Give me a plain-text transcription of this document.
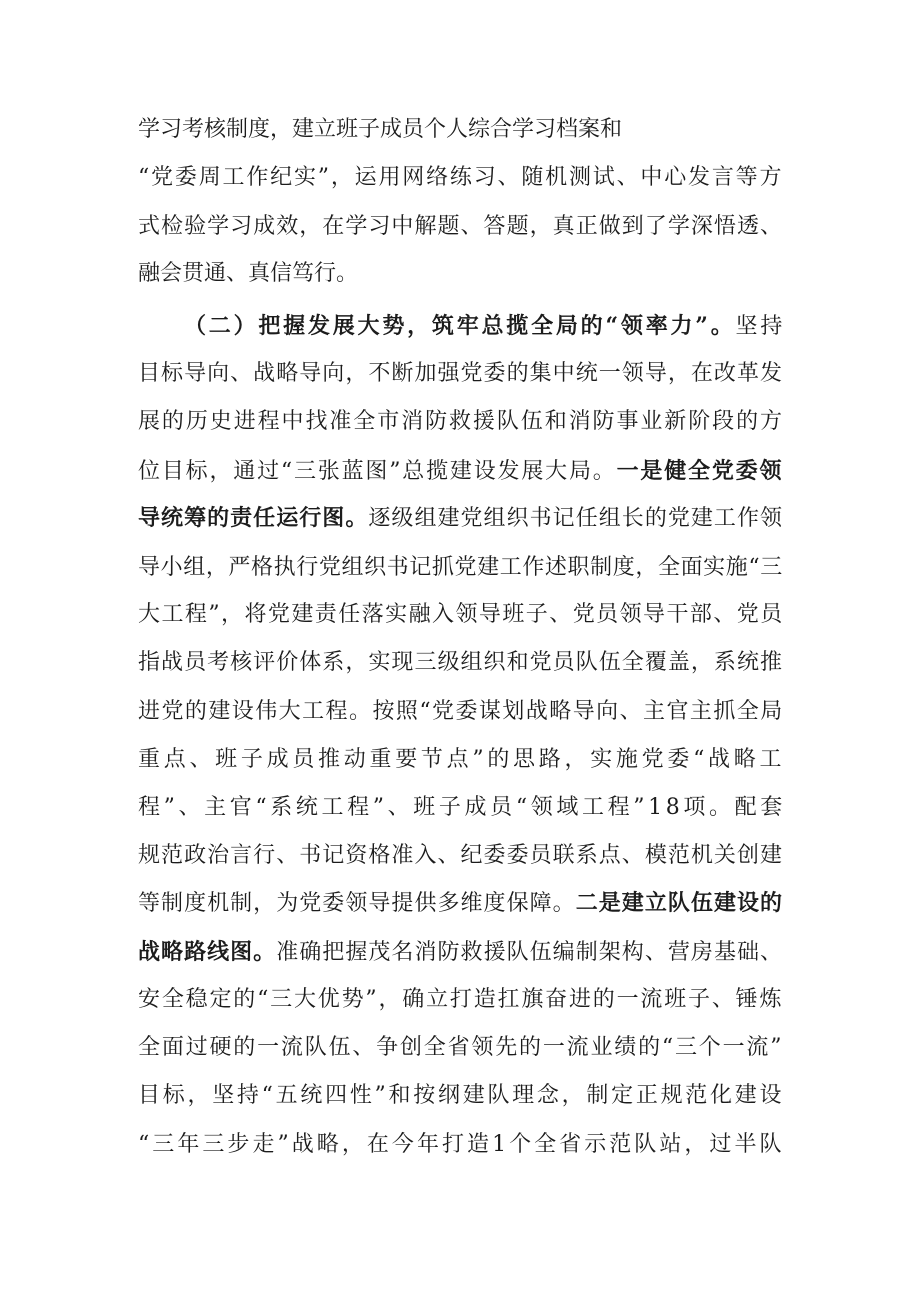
学习考核制度，建立班子成员个人综合学习档案和
“党委周工作纪实”，运用网络练习、随机测试、中心发言等方
式检验学习成效，在学习中解题、答题，真正做到了学深悟透、
融会贯通、真信笃行。
（二）把握发展大势，筑牢总揽全局的“领率力”。坚持
目标导向、战略导向，不断加强党委的集中统一领导，在改革发
展的历史进程中找准全市消防救援队伍和消防事业新阶段的方
位目标，通过“三张蓝图”总揽建设发展大局。一是健全党委领
导统筹的责任运行图。逐级组建党组织书记任组长的党建工作领
导小组，严格执行党组织书记抓党建工作述职制度，全面实施“三
大工程”，将党建责任落实融入领导班子、党员领导干部、党员
指战员考核评价体系，实现三级组织和党员队伍全覆盖，系统推
进党的建设伟大工程。按照“党委谋划战略导向、主官主抓全局
重点、班子成员推动重要节点”的思路，实施党委“战略工
程”、主官“系统工程”、班子成员“领域工程”18项。配套
规范政治言行、书记资格准入、纪委委员联系点、模范机关创建
等制度机制，为党委领导提供多维度保障。二是建立队伍建设的
战略路线图。准确把握茂名消防救援队伍编制架构、营房基础、
安全稳定的“三大优势”，确立打造扛旗奋进的一流班子、锤炼
全面过硬的一流队伍、争创全省领先的一流业绩的“三个一流”
目标，坚持“五统四性”和按纲建队理念，制定正规范化建设
“三年三步走”战略，在今年打造1个全省示范队站，过半队
